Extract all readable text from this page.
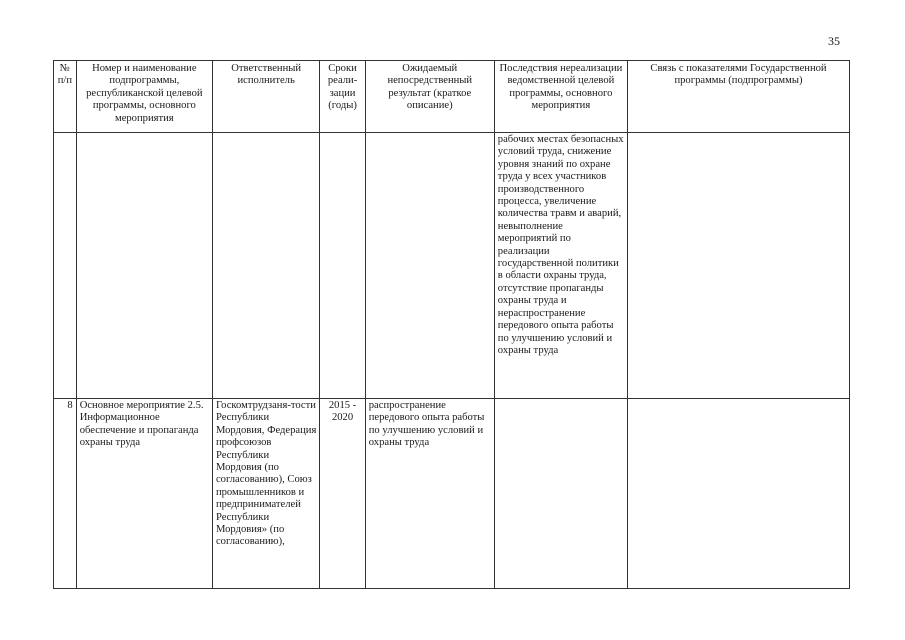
35
№ п/п	Номер и наименование подпрограммы, республиканской целевой программы, основного мероприятия	Ответственный исполнитель	Сроки реали-зации (годы)	Ожидаемый непосредственный результат (краткое описание)	Последствия нереализации ведомственной целевой программы, основного мероприятия	Связь с показателями Государственной программы (подпрограммы)
					рабочих местах безопасных условий труда, снижение уровня знаний по охране труда у всех участников производственного процесса, увеличение количества травм и аварий, невыполнение мероприятий по реализации государственной политики в области охраны труда, отсутствие пропаганды охраны труда и нераспространение передового опыта работы по улучшению условий и охраны труда	
8	Основное мероприятие 2.5. Информационное обеспечение и пропаганда охраны труда	Госкомтрудзаня-тости Республики Мордовия, Федерация профсоюзов Республики Мордовия (по согласованию), Союз промышленников и предпринимателей Республики Мордовия» (по согласованию),	2015 - 2020	распространение передового опыта работы по улучшению условий и охраны труда		
